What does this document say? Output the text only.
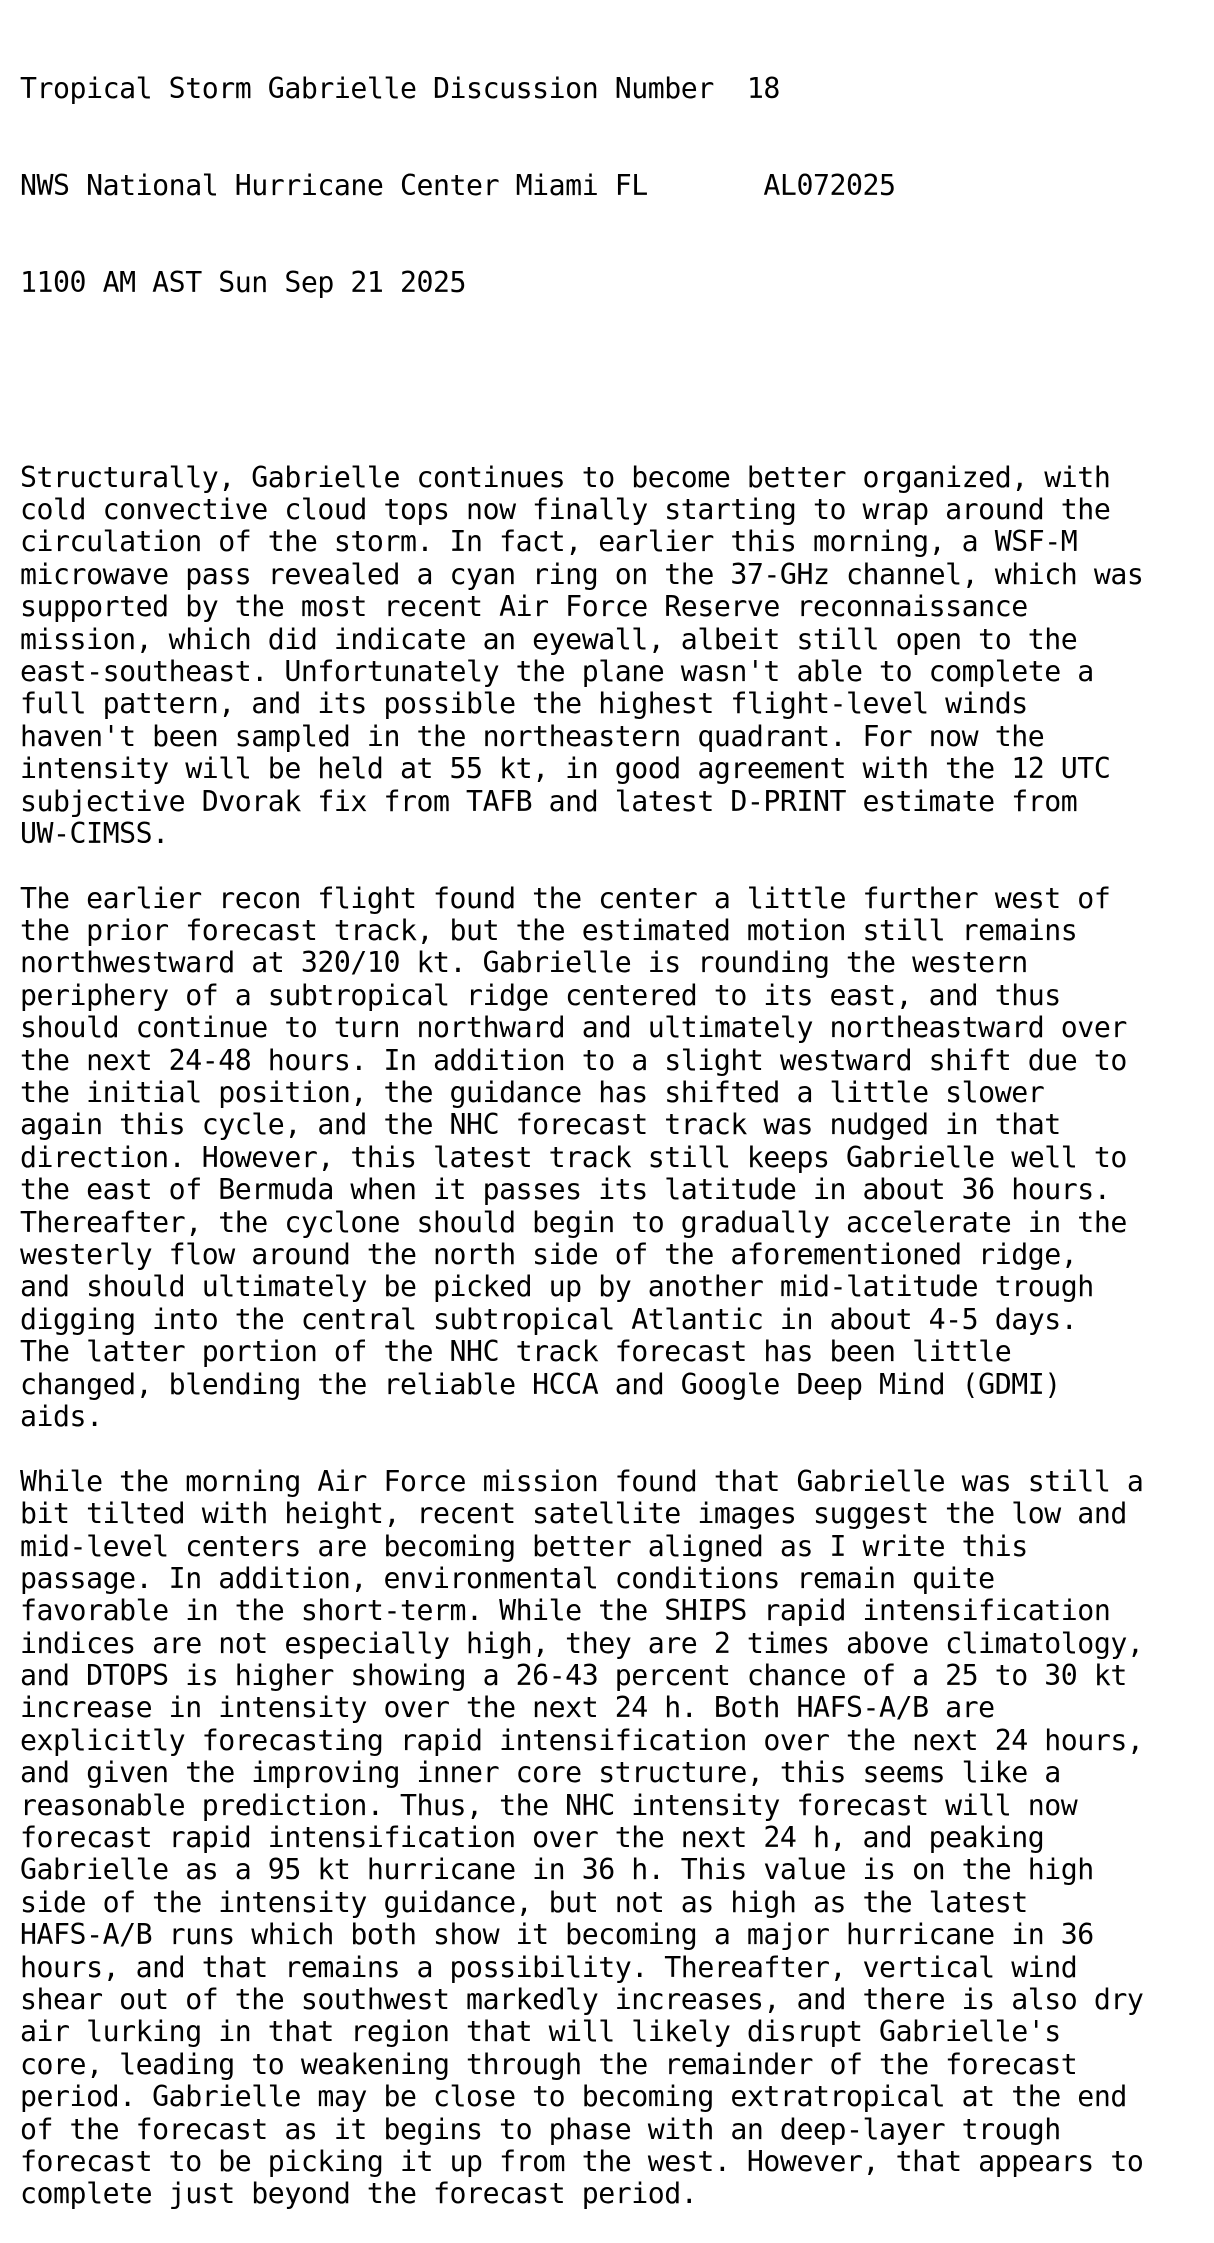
Tropical Storm Gabrielle Discussion Number  18

NWS National Hurricane Center Miami FL       AL072025

1100 AM AST Sun Sep 21 2025

Structurally, Gabrielle continues to become better organized, with
cold convective cloud tops now finally starting to wrap around the
circulation of the storm. In fact, earlier this morning, a WSF-M
microwave pass revealed a cyan ring on the 37-GHz channel, which was
supported by the most recent Air Force Reserve reconnaissance
mission, which did indicate an eyewall, albeit still open to the
east-southeast. Unfortunately the plane wasn't able to complete a
full pattern, and its possible the highest flight-level winds
haven't been sampled in the northeastern quadrant. For now the
intensity will be held at 55 kt, in good agreement with the 12 UTC
subjective Dvorak fix from TAFB and latest D-PRINT estimate from
UW-CIMSS.
The earlier recon flight found the center a little further west of
the prior forecast track, but the estimated motion still remains
northwestward at 320/10 kt. Gabrielle is rounding the western
periphery of a subtropical ridge centered to its east, and thus
should continue to turn northward and ultimately northeastward over
the next 24-48 hours. In addition to a slight westward shift due to
the initial position, the guidance has shifted a little slower
again this cycle, and the NHC forecast track was nudged in that
direction. However, this latest track still keeps Gabrielle well to
the east of Bermuda when it passes its latitude in about 36 hours.
Thereafter, the cyclone should begin to gradually accelerate in the
westerly flow around the north side of the aforementioned ridge,
and should ultimately be picked up by another mid-latitude trough
digging into the central subtropical Atlantic in about 4-5 days.
The latter portion of the NHC track forecast has been little
changed, blending the reliable HCCA and Google Deep Mind (GDMI)
aids.
While the morning Air Force mission found that Gabrielle was still a
bit tilted with height, recent satellite images suggest the low and
mid-level centers are becoming better aligned as I write this
passage. In addition, environmental conditions remain quite
favorable in the short-term. While the SHIPS rapid intensification
indices are not especially high, they are 2 times above climatology,
and DTOPS is higher showing a 26-43 percent chance of a 25 to 30 kt
increase in intensity over the next 24 h. Both HAFS-A/B are
explicitly forecasting rapid intensification over the next 24 hours,
and given the improving inner core structure, this seems like a
reasonable prediction. Thus, the NHC intensity forecast will now
forecast rapid intensification over the next 24 h, and peaking
Gabrielle as a 95 kt hurricane in 36 h. This value is on the high
side of the intensity guidance, but not as high as the latest
HAFS-A/B runs which both show it becoming a major hurricane in 36
hours, and that remains a possibility. Thereafter, vertical wind
shear out of the southwest markedly increases, and there is also dry
air lurking in that region that will likely disrupt Gabrielle's
core, leading to weakening through the remainder of the forecast
period. Gabrielle may be close to becoming extratropical at the end
of the forecast as it begins to phase with an deep-layer trough
forecast to be picking it up from the west. However, that appears to
complete just beyond the forecast period.
